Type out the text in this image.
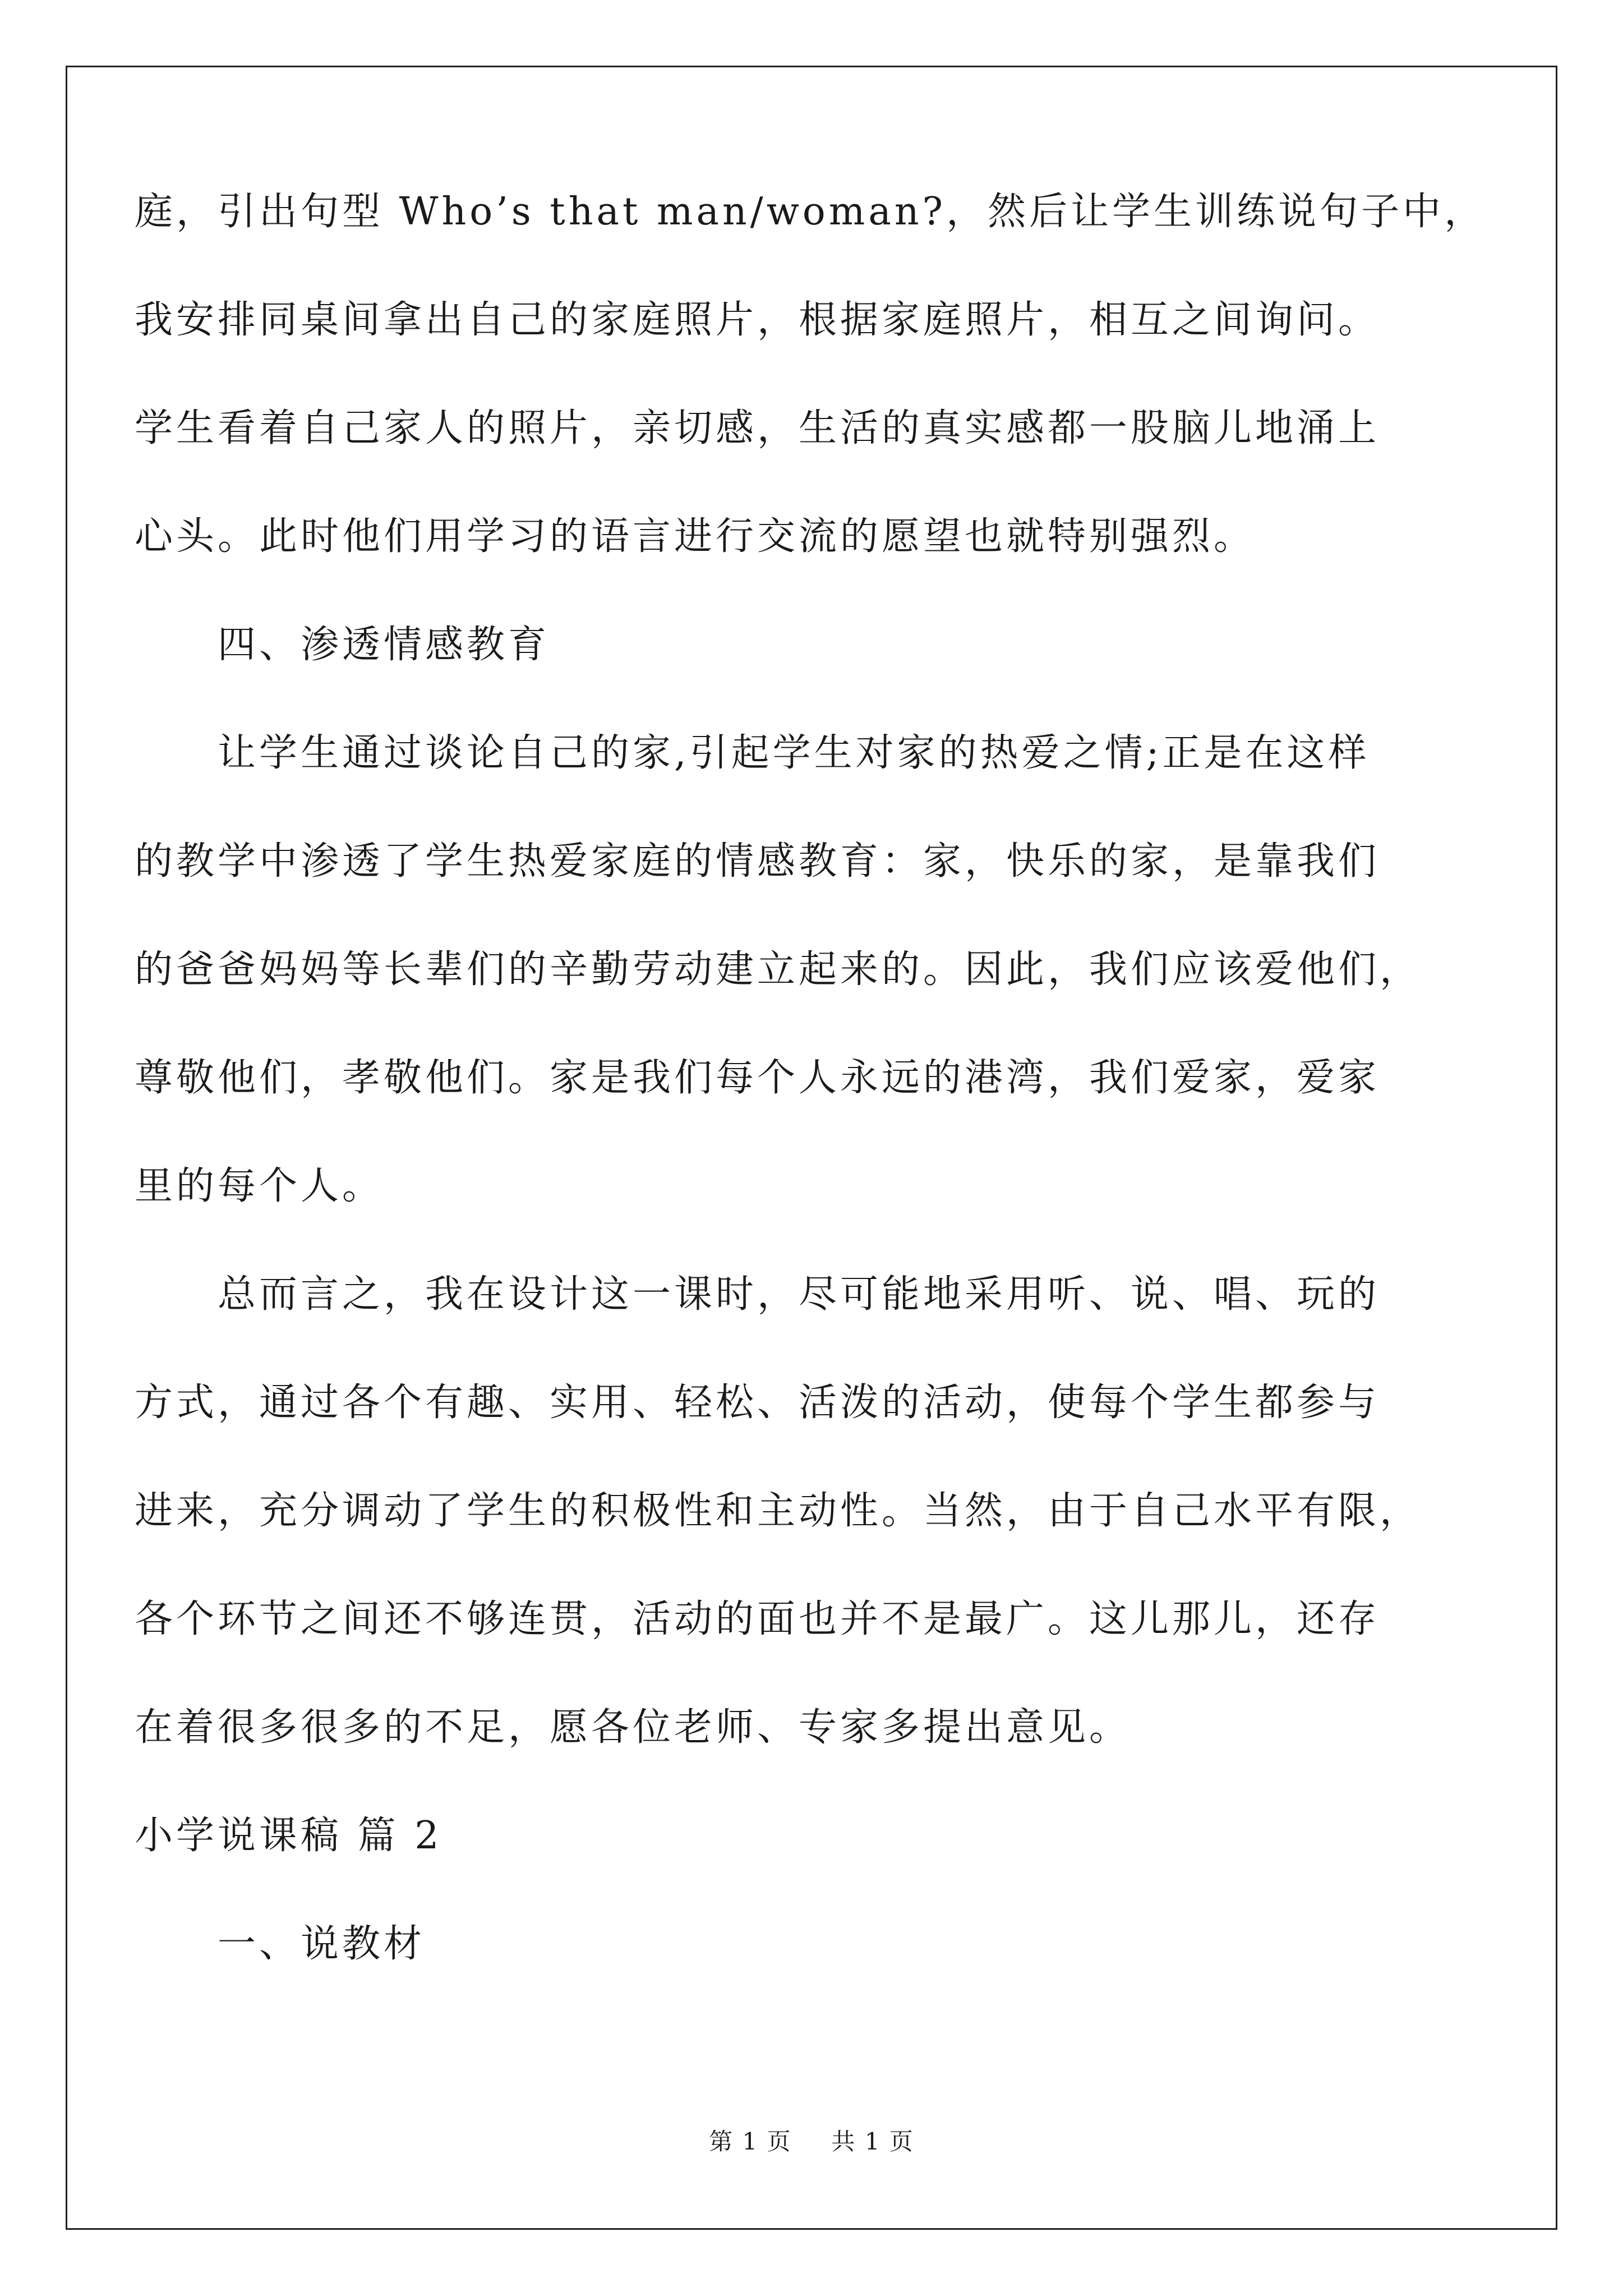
庭，引出句型 Who’s that man/woman?，然后让学生训练说句子中，
我安排同桌间拿出自己的家庭照片，根据家庭照片，相互之间询问。
学生看着自己家人的照片，亲切感，生活的真实感都一股脑儿地涌上
心头。此时他们用学习的语言进行交流的愿望也就特别强烈。
四、渗透情感教育
让学生通过谈论自己的家,引起学生对家的热爱之情;正是在这样
的教学中渗透了学生热爱家庭的情感教育：家，快乐的家，是靠我们
的爸爸妈妈等长辈们的辛勤劳动建立起来的。因此，我们应该爱他们，
尊敬他们，孝敬他们。家是我们每个人永远的港湾，我们爱家，爱家
里的每个人。
总而言之，我在设计这一课时，尽可能地采用听、说、唱、玩的
方式，通过各个有趣、实用、轻松、活泼的活动，使每个学生都参与
进来，充分调动了学生的积极性和主动性。当然，由于自己水平有限，
各个环节之间还不够连贯，活动的面也并不是最广。这儿那儿，还存
在着很多很多的不足，愿各位老师、专家多提出意见。
小学说课稿 篇 2
一、说教材
第 1 页 共 1 页
